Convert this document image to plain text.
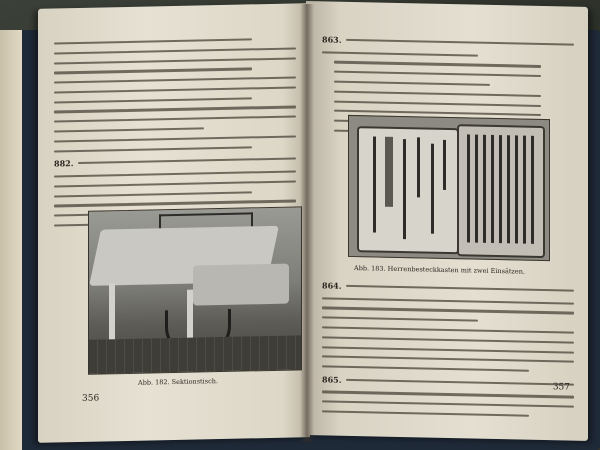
882.
Abb. 182. Sektionstisch.
356
863.
Abb. 183. Herrenbesteckkasten mit zwei Einsätzen.
864.
865.
357
